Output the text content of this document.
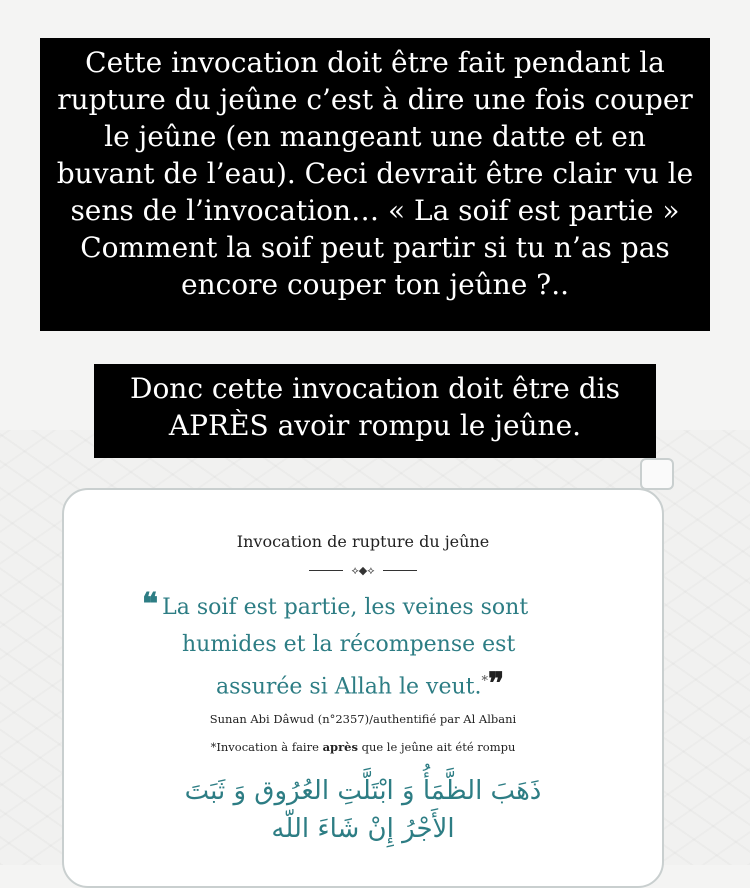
Cette invocation doit être fait pendant la rupture du jeûne c’est à dire une fois couper le jeûne (en mangeant une datte et en buvant de l’eau). Ceci devrait être clair vu le sens de l’invocation… « La soif est partie » Comment la soif peut partir si tu n’as pas encore couper ton jeûne ?..
Donc cette invocation doit être dis APRÈS avoir rompu le jeûne.
Invocation de rupture du jeûne
⟡◆⟡
❝ La soif est partie, les veines sont
humides et la récompense est
assurée si Allah le veut.*❞
Sunan Abi Dâwud (n°2357)/authentifié par Al Albani
*Invocation à faire après que le jeûne ait été rompu
ذَهَبَ الظَّمَأُ وَ ابْتَلَّتِ العُرُوق وَ ثَبَتَ
الأَجْرُ إِنْ شَاءَ اللّه
